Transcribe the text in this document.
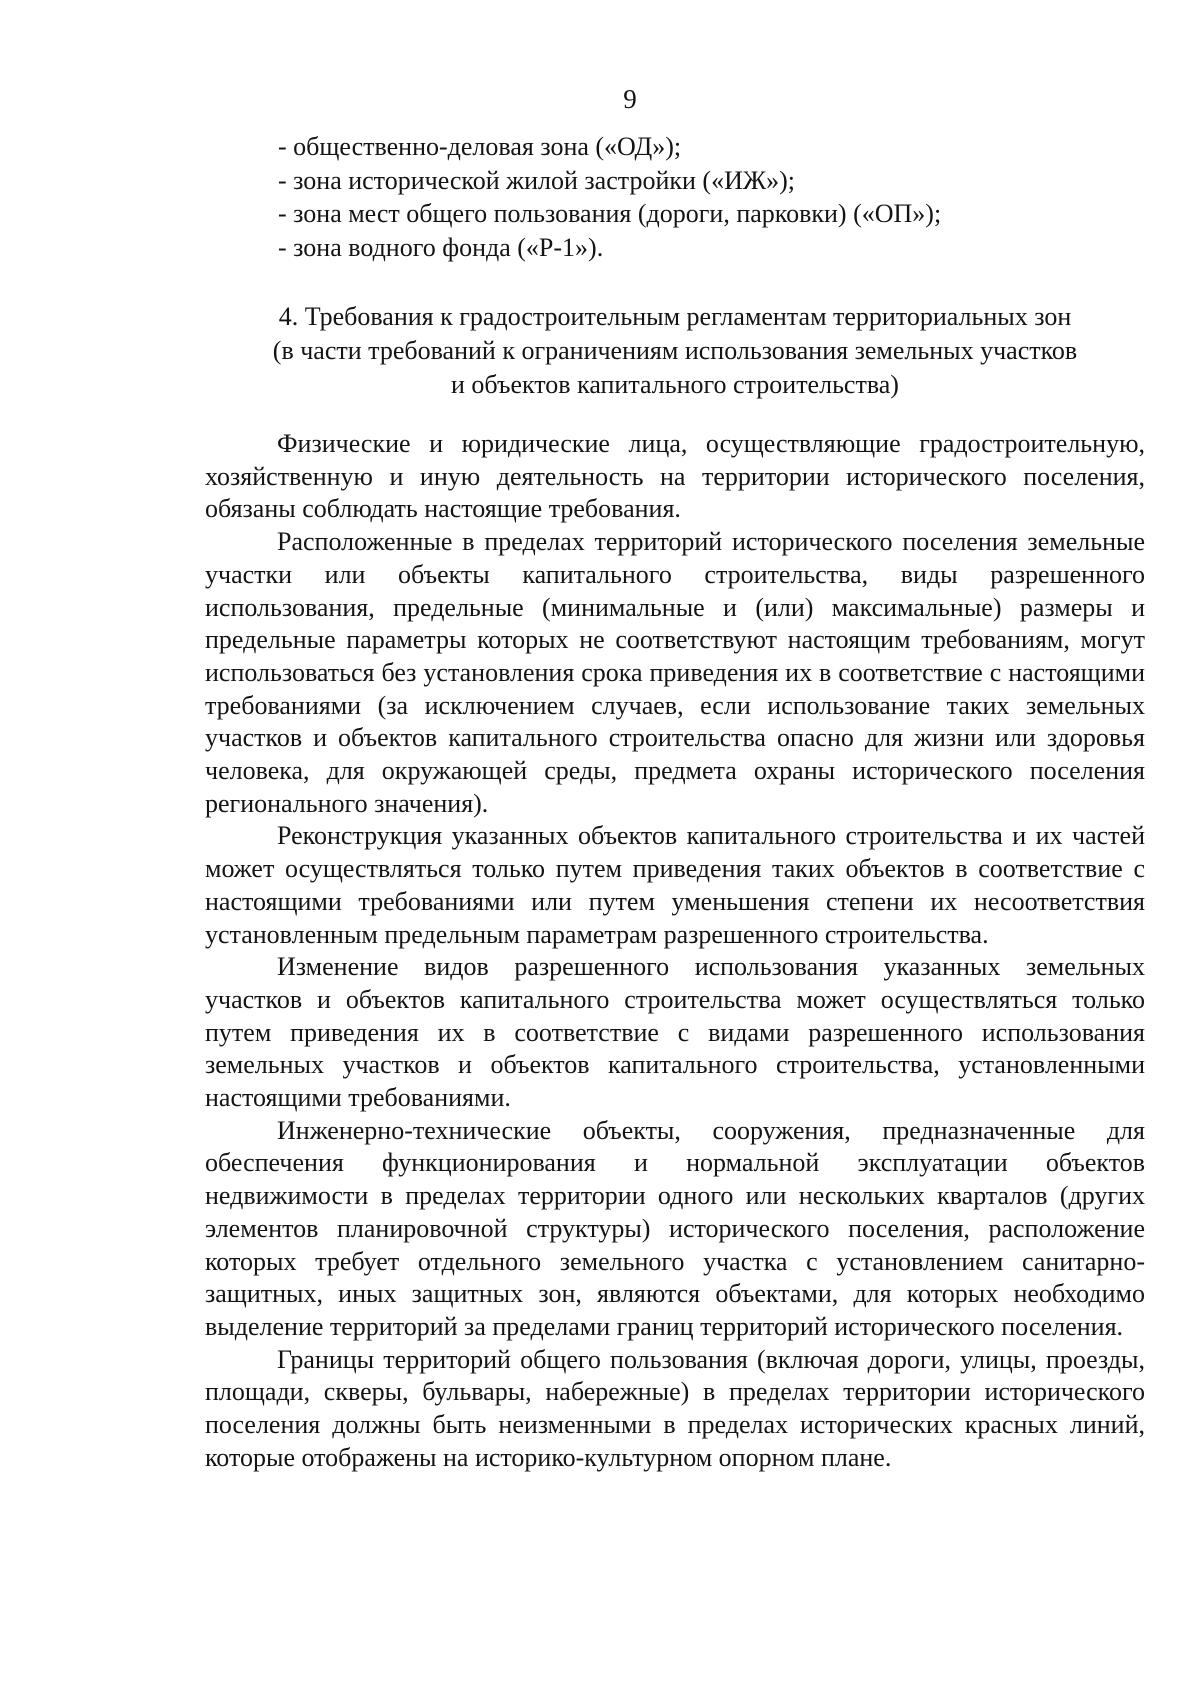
9
- общественно-деловая зона («ОД»);
- зона исторической жилой застройки («ИЖ»);
- зона мест общего пользования (дороги, парковки) («ОП»);
- зона водного фонда («Р-1»).
4. Требования к градостроительным регламентам территориальных зон
(в части требований к ограничениям использования земельных участков
и объектов капитального строительства)

Физические и юридические лица, осуществляющие градостроительную, хозяйственную и иную деятельность на территории исторического поселения, обязаны соблюдать настоящие требования.

Расположенные в пределах территорий исторического поселения земельные участки или объекты капитального строительства, виды разрешенного использования, предельные (минимальные и (или) максимальные) размеры и предельные параметры которых не соответствуют настоящим требованиям, могут использоваться без установления срока приведения их в соответствие с настоящими требованиями (за исключением случаев, если использование таких земельных участков и объектов капитального строительства опасно для жизни или здоровья человека, для окружающей среды, предмета охраны исторического поселения регионального значения).

Реконструкция указанных объектов капитального строительства и их частей может осуществляться только путем приведения таких объектов в соответствие с настоящими требованиями или путем уменьшения степени их несоответствия установленным предельным параметрам разрешенного строительства.

Изменение видов разрешенного использования указанных земельных участков и объектов капитального строительства может осуществляться только путем приведения их в соответствие с видами разрешенного использования земельных участков и объектов капитального строительства, установленными настоящими требованиями.

Инженерно-технические объекты, сооружения, предназначенные для обеспечения функционирования и нормальной эксплуатации объектов недвижимости в пределах территории одного или нескольких кварталов (других элементов планировочной структуры) исторического поселения, расположение которых требует отдельного земельного участка с установлением санитарно-защитных, иных защитных зон, являются объектами, для которых необходимо выделение территорий за пределами границ территорий исторического поселения.

Границы территорий общего пользования (включая дороги, улицы, проезды, площади, скверы, бульвары, набережные) в пределах территории исторического поселения должны быть неизменными в пределах исторических красных линий, которые отображены на историко-культурном опорном плане.
